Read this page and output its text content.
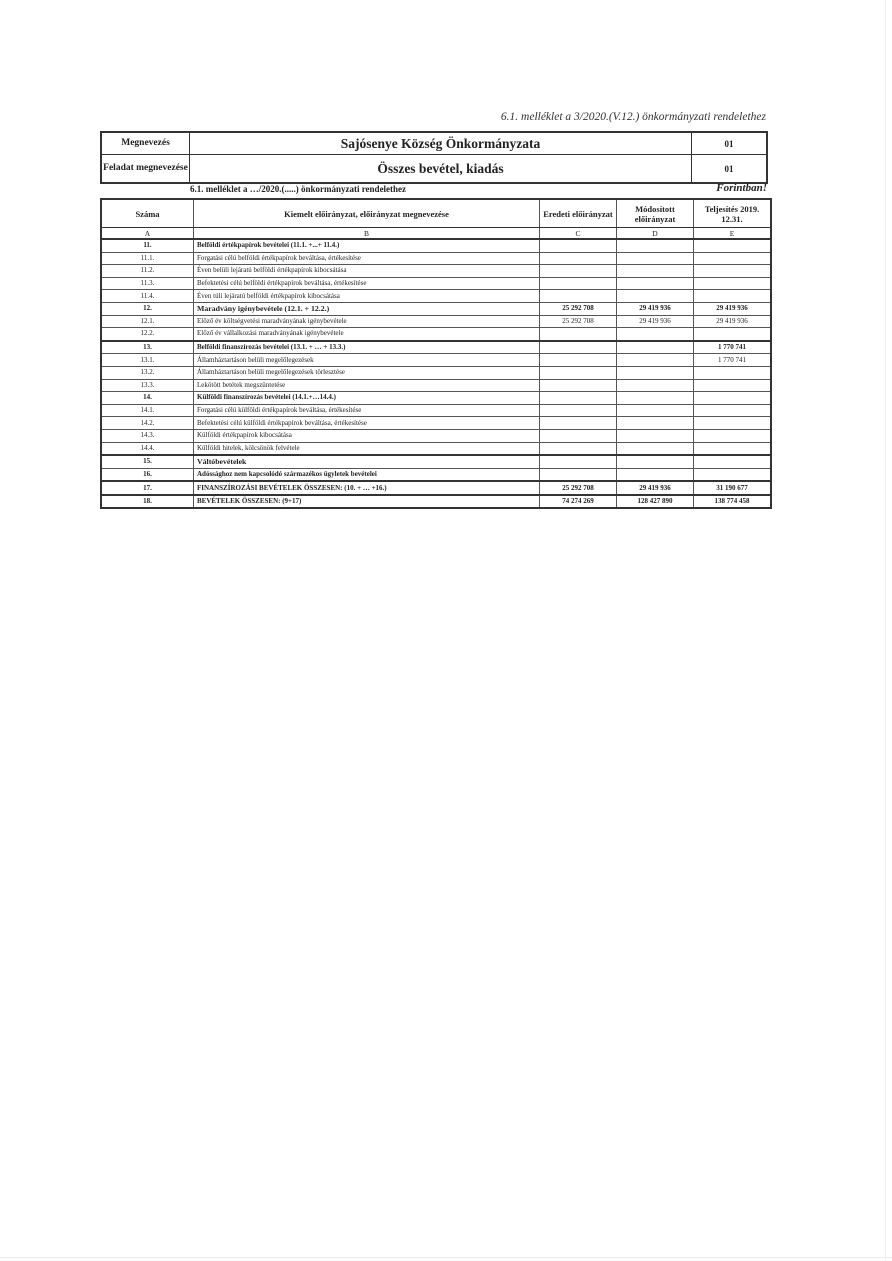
6.1. melléklet a 3/2020.(V.12.) önkormányzati rendelethez
Megnevezés	Sajósenye Község Önkormányzata	01
Feladat megnevezése	Összes bevétel, kiadás	01
6.1. melléklet a …/2020.(.....) önkormányzati rendelethez	Forintban!
Száma	Kiemelt előirányzat, előirányzat megnevezése	Eredeti előirányzat	Módosított előirányzat	Teljesítés 2019. 12.31.
A	B	C	D	E
11.	Belföldi értékpapírok bevételei (11.1. +...+ 11.4.)			
11.1.	Forgatási célú belföldi értékpapírok beváltása, értékesítése			
11.2.	Éven belüli lejáratú belföldi értékpapírok kibocsátása			
11.3.	Befektetési célú belföldi értékpapírok beváltása, értékesítése			
11.4.	Éven túli lejáratú belföldi értékpapírok kibocsátása			
12.	Maradvány igénybevétele (12.1. + 12.2.)	25 292 708	29 419 936	29 419 936
12.1.	Előző év költségvetési maradványának igénybevétele	25 292 708	29 419 936	29 419 936
12.2.	Előző év vállalkozási maradványának igénybevétele			
13.	Belföldi finanszírozás bevételei (13.1. + … + 13.3.)			1 770 741
13.1.	Államháztartáson belüli megelőlegezések			1 770 741
13.2.	Államháztartáson belüli megelőlegezések törlesztése			
13.3.	Lekötött betétek megszüntetése			
14.	Külföldi finanszírozás bevételei (14.1.+…14.4.)			
14.1.	Forgatási célú külföldi értékpapírok beváltása, értékesítése			
14.2.	Befektetési célú külföldi értékpapírok beváltása, értékesítése			
14.3.	Külföldi értékpapírok kibocsátása			
14.4.	Külföldi hitelek, kölcsönök felvétele			
15.	Váltóbevételek			
16.	Adóssághoz nem kapcsolódó származékos ügyletek bevételei			
17.	FINANSZÍROZÁSI BEVÉTELEK ÖSSZESEN: (10. + … +16.)	25 292 708	29 419 936	31 190 677
18.	BEVÉTELEK ÖSSZESEN: (9+17)	74 274 269	128 427 890	138 774 458
